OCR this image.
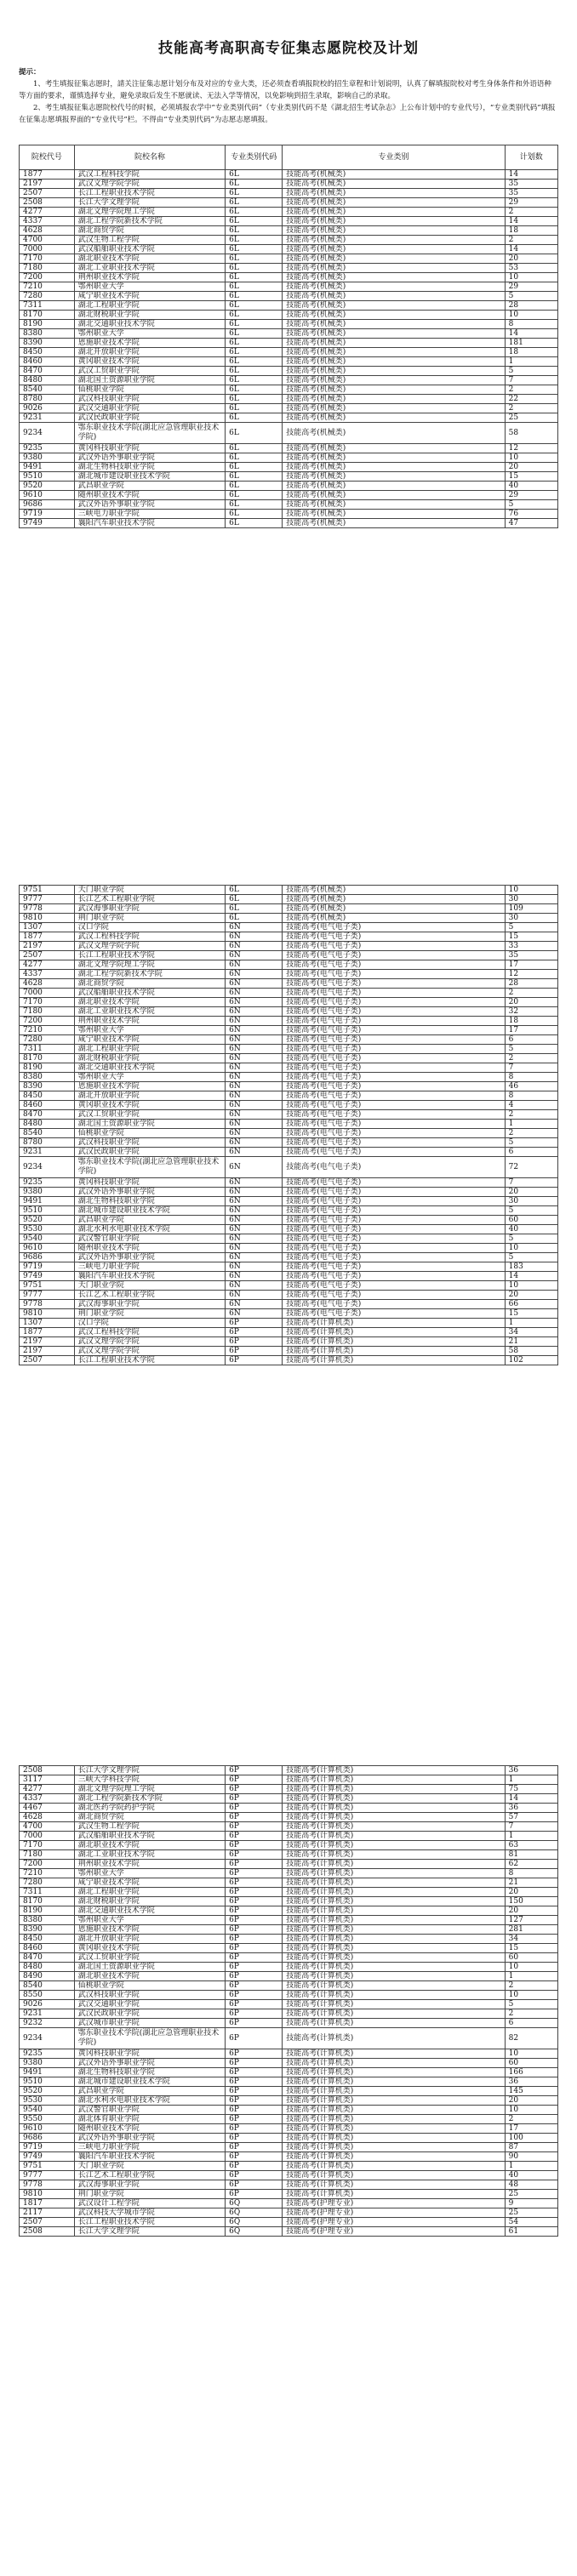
技能高考高职高专征集志愿院校及计划
提示：

1、考生填报征集志愿时，請关注征集志愿计划分布及对应的专业大类，还必须查看填报院校的招生章程和计划说明，认真了解填报院校对考生身体条件和外语语种等方面的要求，谨慎选择专业，避免录取后发生不愿就读、无法入学等情况，以免影响到招生录取，影响自己的录取。

2、考生填报征集志愿院校代号的时候，必须填报农学中“专业类别代码”（专业类别代码不是《湖北招生考试杂志》上公布计划中的专业代号），“专业类别代码”填报在征集志愿填报界面的“专业代号”栏。不得由“专业类别代码”为志愿志愿填报。

院校代号	院校名称	专业类别代码	专业类别	计划数
1877	武汉工程科技学院	6L	技能高考(机械类)	14
2197	武汉文理学院学院	6L	技能高考(机械类)	35
2507	长江工程职业技术学院	6L	技能高考(机械类)	35
2508	长江大学文理学院	6L	技能高考(机械类)	29
4277	湖北文理学院理工学院	6L	技能高考(机械类)	2
4337	湖北工程学院新技术学院	6L	技能高考(机械类)	14
4628	湖北商贸学院	6L	技能高考(机械类)	18
4700	武汉生物工程学院	6L	技能高考(机械类)	2
7000	武汉船舶职业技术学院	6L	技能高考(机械类)	14
7170	湖北职业技术学院	6L	技能高考(机械类)	20
7180	湖北工业职业技术学院	6L	技能高考(机械类)	53
7200	荆州职业技术学院	6L	技能高考(机械类)	10
7210	鄂州职业大学	6L	技能高考(机械类)	29
7280	咸宁职业技术学院	6L	技能高考(机械类)	5
7311	湖北工程职业学院	6L	技能高考(机械类)	28
8170	湖北财税职业学院	6L	技能高考(机械类)	10
8190	湖北交通职业技术学院	6L	技能高考(机械类)	8
8380	鄂州职业大学	6L	技能高考(机械类)	14
8390	恩施职业技术学院	6L	技能高考(机械类)	181
8450	湖北开放职业学院	6L	技能高考(机械类)	18
8460	黄冈职业技术学院	6L	技能高考(机械类)	1
8470	武汉工贸职业学院	6L	技能高考(机械类)	5
8480	湖北国土资源职业学院	6L	技能高考(机械类)	7
8540	仙桃职业学院	6L	技能高考(机械类)	2
8780	武汉科技职业学院	6L	技能高考(机械类)	22
9026	武汉交通职业学院	6L	技能高考(机械类)	2
9231	武汉民政职业学院	6L	技能高考(机械类)	25
9234	鄂东职业技术学院(湖北应急管理职业技术学院)	6L	技能高考(机械类)	58
9235	黄冈科技职业学院	6L	技能高考(机械类)	12
9380	武汉外语外事职业学院	6L	技能高考(机械类)	10
9491	湖北生物科技职业学院	6L	技能高考(机械类)	20
9510	湖北城市建设职业技术学院	6L	技能高考(机械类)	15
9520	武昌职业学院	6L	技能高考(机械类)	40
9610	随州职业技术学院	6L	技能高考(机械类)	29
9686	武汉外语外事职业学院	6L	技能高考(机械类)	5
9719	三峡电力职业学院	6L	技能高考(机械类)	76
9749	襄阳汽车职业技术学院	6L	技能高考(机械类)	47
9751	天门职业学院	6L	技能高考(机械类)	10
9777	长江艺术工程职业学院	6L	技能高考(机械类)	30
9778	武汉海事职业学院	6L	技能高考(机械类)	109
9810	荆门职业学院	6L	技能高考(机械类)	30
1307	汉口学院	6N	技能高考(电气电子类)	5
1877	武汉工程科技学院	6N	技能高考(电气电子类)	15
2197	武汉文理学院学院	6N	技能高考(电气电子类)	33
2507	长江工程职业技术学院	6N	技能高考(电气电子类)	35
4277	湖北文理学院理工学院	6N	技能高考(电气电子类)	17
4337	湖北工程学院新技术学院	6N	技能高考(电气电子类)	12
4628	湖北商贸学院	6N	技能高考(电气电子类)	28
7000	武汉船舶职业技术学院	6N	技能高考(电气电子类)	2
7170	湖北职业技术学院	6N	技能高考(电气电子类)	20
7180	湖北工业职业技术学院	6N	技能高考(电气电子类)	32
7200	荆州职业技术学院	6N	技能高考(电气电子类)	18
7210	鄂州职业大学	6N	技能高考(电气电子类)	17
7280	咸宁职业技术学院	6N	技能高考(电气电子类)	6
7311	湖北工程职业学院	6N	技能高考(电气电子类)	5
8170	湖北财税职业学院	6N	技能高考(电气电子类)	2
8190	湖北交通职业技术学院	6N	技能高考(电气电子类)	7
8380	鄂州职业大学	6N	技能高考(电气电子类)	8
8390	恩施职业技术学院	6N	技能高考(电气电子类)	46
8450	湖北开放职业学院	6N	技能高考(电气电子类)	8
8460	黄冈职业技术学院	6N	技能高考(电气电子类)	4
8470	武汉工贸职业学院	6N	技能高考(电气电子类)	2
8480	湖北国土资源职业学院	6N	技能高考(电气电子类)	1
8540	仙桃职业学院	6N	技能高考(电气电子类)	2
8780	武汉科技职业学院	6N	技能高考(电气电子类)	5
9231	武汉民政职业学院	6N	技能高考(电气电子类)	6
9234	鄂东职业技术学院(湖北应急管理职业技术学院)	6N	技能高考(电气电子类)	72
9235	黄冈科技职业学院	6N	技能高考(电气电子类)	7
9380	武汉外语外事职业学院	6N	技能高考(电气电子类)	20
9491	湖北生物科技职业学院	6N	技能高考(电气电子类)	30
9510	湖北城市建设职业技术学院	6N	技能高考(电气电子类)	5
9520	武昌职业学院	6N	技能高考(电气电子类)	60
9530	湖北水利水电职业技术学院	6N	技能高考(电气电子类)	40
9540	武汉警官职业学院	6N	技能高考(电气电子类)	5
9610	随州职业技术学院	6N	技能高考(电气电子类)	10
9686	武汉外语外事职业学院	6N	技能高考(电气电子类)	5
9719	三峡电力职业学院	6N	技能高考(电气电子类)	183
9749	襄阳汽车职业技术学院	6N	技能高考(电气电子类)	14
9751	天门职业学院	6N	技能高考(电气电子类)	10
9777	长江艺术工程职业学院	6N	技能高考(电气电子类)	20
9778	武汉海事职业学院	6N	技能高考(电气电子类)	66
9810	荆门职业学院	6N	技能高考(电气电子类)	15
1307	汉口学院	6P	技能高考(计算机类)	1
1877	武汉工程科技学院	6P	技能高考(计算机类)	34
2197	武汉文理学院学院	6P	技能高考(计算机类)	21
2197	武汉文理学院学院	6P	技能高考(计算机类)	58
2507	长江工程职业技术学院	6P	技能高考(计算机类)	102
2508	长江大学文理学院	6P	技能高考(计算机类)	36
3117	三峡大学科技学院	6P	技能高考(计算机类)	1
4277	湖北文理学院理工学院	6P	技能高考(计算机类)	75
4337	湖北工程学院新技术学院	6P	技能高考(计算机类)	14
4467	湖北医药学院药护学院	6P	技能高考(计算机类)	36
4628	湖北商贸学院	6P	技能高考(计算机类)	57
4700	武汉生物工程学院	6P	技能高考(计算机类)	7
7000	武汉船舶职业技术学院	6P	技能高考(计算机类)	1
7170	湖北职业技术学院	6P	技能高考(计算机类)	63
7180	湖北工业职业技术学院	6P	技能高考(计算机类)	81
7200	荆州职业技术学院	6P	技能高考(计算机类)	62
7210	鄂州职业大学	6P	技能高考(计算机类)	8
7280	咸宁职业技术学院	6P	技能高考(计算机类)	21
7311	湖北工程职业学院	6P	技能高考(计算机类)	20
8170	湖北财税职业学院	6P	技能高考(计算机类)	150
8190	湖北交通职业技术学院	6P	技能高考(计算机类)	20
8380	鄂州职业大学	6P	技能高考(计算机类)	127
8390	恩施职业技术学院	6P	技能高考(计算机类)	281
8450	湖北开放职业学院	6P	技能高考(计算机类)	34
8460	黄冈职业技术学院	6P	技能高考(计算机类)	15
8470	武汉工贸职业学院	6P	技能高考(计算机类)	60
8480	湖北国土资源职业学院	6P	技能高考(计算机类)	10
8490	湖北职业技术学院	6P	技能高考(计算机类)	1
8540	仙桃职业学院	6P	技能高考(计算机类)	2
8550	武汉科技职业学院	6P	技能高考(计算机类)	10
9026	武汉交通职业学院	6P	技能高考(计算机类)	5
9231	武汉民政职业学院	6P	技能高考(计算机类)	2
9232	武汉城市职业学院	6P	技能高考(计算机类)	6
9234	鄂东职业技术学院(湖北应急管理职业技术学院)	6P	技能高考(计算机类)	82
9235	黄冈科技职业学院	6P	技能高考(计算机类)	10
9380	武汉外语外事职业学院	6P	技能高考(计算机类)	60
9491	湖北生物科技职业学院	6P	技能高考(计算机类)	166
9510	湖北城市建设职业技术学院	6P	技能高考(计算机类)	36
9520	武昌职业学院	6P	技能高考(计算机类)	145
9530	湖北水利水电职业技术学院	6P	技能高考(计算机类)	20
9540	武汉警官职业学院	6P	技能高考(计算机类)	10
9550	湖北体育职业学院	6P	技能高考(计算机类)	2
9610	随州职业技术学院	6P	技能高考(计算机类)	17
9686	武汉外语外事职业学院	6P	技能高考(计算机类)	100
9719	三峡电力职业学院	6P	技能高考(计算机类)	87
9749	襄阳汽车职业技术学院	6P	技能高考(计算机类)	90
9751	天门职业学院	6P	技能高考(计算机类)	1
9777	长江艺术工程职业学院	6P	技能高考(计算机类)	40
9778	武汉海事职业学院	6P	技能高考(计算机类)	48
9810	荆门职业学院	6P	技能高考(计算机类)	25
1817	武汉设计工程学院	6Q	技能高考(护理专业)	9
2117	武汉科技大学城市学院	6Q	技能高考(护理专业)	25
2507	长江工程职业技术学院	6Q	技能高考(护理专业)	54
2508	长江大学文理学院	6Q	技能高考(护理专业)	61
